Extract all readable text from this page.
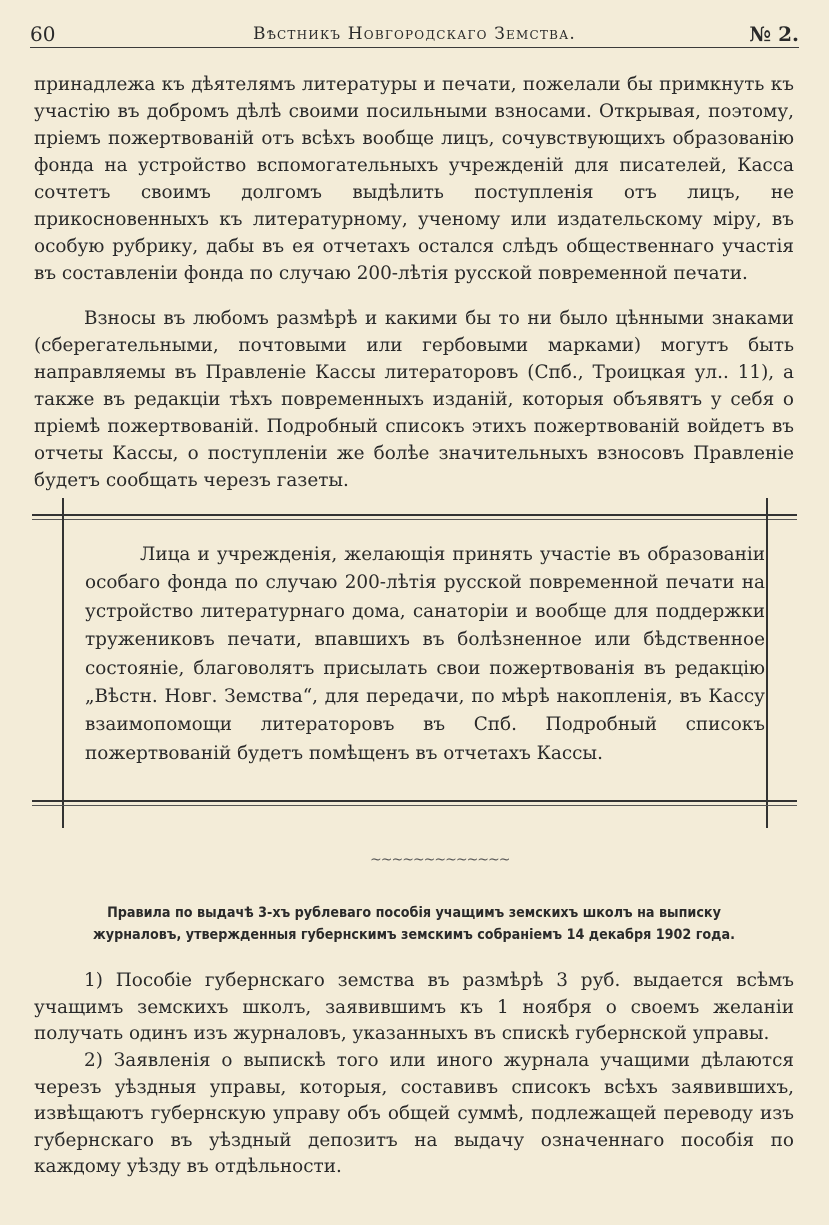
60	Вѣстникъ Новгородскаго Земства.	№ 2.

принадлежа къ дѣятелямъ литературы и печати, пожелали бы примкнуть къ участію въ добромъ дѣлѣ своими посильными взносами. Открывая, поэтому, пріемъ пожертвованій отъ всѣхъ вообще лицъ, сочувствующихъ образованію фонда на устройство вспомогательныхъ учрежденій для писателей, Касса сочтетъ своимъ долгомъ выдѣлить поступленія отъ лицъ, не прикосновенныхъ къ литературному, ученому или издательскому міру, въ особую рубрику, дабы въ ея отчетахъ остался слѣдъ общественнаго участія въ составленіи фонда по случаю 200-лѣтія русской повременной печати.

Взносы въ любомъ размѣрѣ и какими бы то ни было цѣнными знаками (сберегательными, почтовыми или гербовыми марками) могутъ быть направляемы въ Правленіе Кассы литераторовъ (Спб., Троицкая ул.. 11), а также въ редакціи тѣхъ повременныхъ изданій, которыя объявятъ у себя о пріемѣ пожертвованій. Подробный списокъ этихъ пожертвованій войдетъ въ отчеты Кассы, о поступленіи же болѣе значительныхъ взносовъ Правленіе будетъ сообщать черезъ газеты.

Лица и учрежденія, желающія принять участіе въ образованіи особаго фонда по случаю 200-лѣтія русской повременной печати на устройство литературнаго дома, санаторіи и вообще для поддержки тружениковъ печати, впавшихъ въ болѣзненное или бѣдственное состояніе, благоволятъ присылать свои пожертвованія въ редакцію „Вѣстн. Новг. Земства“, для передачи, по мѣрѣ накопленія, въ Кассу взаимопомощи литераторовъ въ Спб. Подробный списокъ пожертвованій будетъ помѣщенъ въ отчетахъ Кассы.

~~~~~~~~~~~~~

Правила по выдачѣ 3-хъ рублеваго пособія учащимъ земскихъ школъ на выписку журналовъ, утвержденныя губернскимъ земскимъ собраніемъ 14 декабря 1902 года.

1) Пособіе губернскаго земства въ размѣрѣ 3 руб. выдается всѣмъ учащимъ земскихъ школъ, заявившимъ къ 1 ноября о своемъ желаніи получать одинъ изъ журналовъ, указанныхъ въ спискѣ губернской управы.

2) Заявленія о выпискѣ того или иного журнала учащими дѣлаются черезъ уѣздныя управы, которыя, составивъ списокъ всѣхъ заявившихъ, извѣщаютъ губернскую управу объ общей суммѣ, подлежащей переводу изъ губернскаго въ уѣздный депозитъ на выдачу означеннаго пособія по каждому уѣзду въ отдѣльности.
